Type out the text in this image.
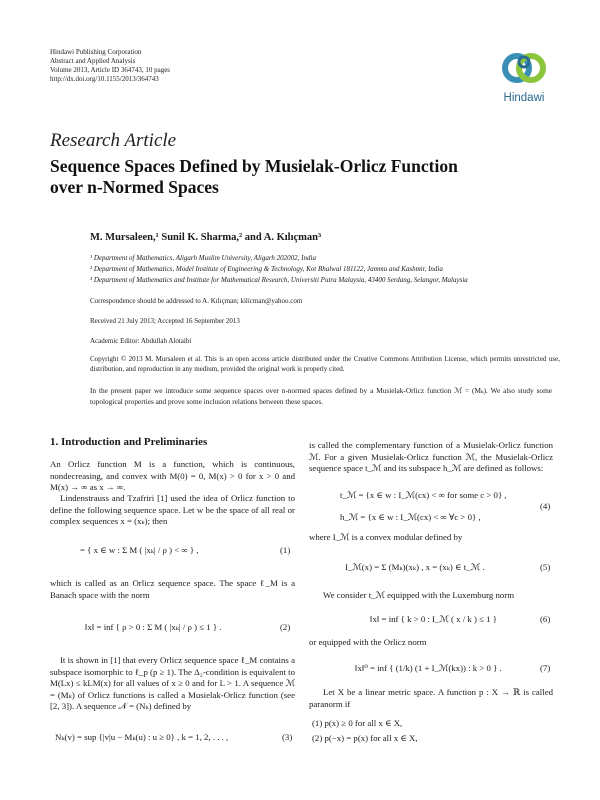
Hindawi Publishing Corporation
Abstract and Applied Analysis
Volume 2013, Article ID 364743, 10 pages
http://dx.doi.org/10.1155/2013/364743
Hindawi
Research Article
Sequence Spaces Defined by Musielak-Orlicz Function
over n-Normed Spaces
M. Mursaleen,¹ Sunil K. Sharma,² and A. Kılıçman³
¹ Department of Mathematics, Aligarh Muslim University, Aligarh 202002, India
² Department of Mathematics, Model Institute of Engineering & Technology, Kot Bhalwal 181122, Jammu and Kashmir, India
³ Department of Mathematics and Institute for Mathematical Research, Universiti Putra Malaysia, 43400 Serdang, Selangor, Malaysia
Correspondence should be addressed to A. Kılıçman; kilicman@yahoo.com
Received 21 July 2013; Accepted 16 September 2013
Academic Editor: Abdullah Alotaibi
Copyright © 2013 M. Mursaleen et al. This is an open access article distributed under the Creative Commons Attribution License, which permits unrestricted use, distribution, and reproduction in any medium, provided the original work is properly cited.
In the present paper we introduce some sequence spaces over n-normed spaces defined by a Musielak-Orlicz function ℳ = (Mₖ). We also study some topological properties and prove some inclusion relations between these spaces.
1. Introduction and Preliminaries
An Orlicz function M is a function, which is continuous, nondecreasing, and convex with M(0) = 0, M(x) > 0 for x > 0 and M(x) → ∞ as x → ∞.
Lindenstrauss and Tzafriri [1] used the idea of Orlicz function to define the following sequence space. Let w be the space of all real or complex sequences x = (xₖ); then
= { x ∈ w : Σ M ( |xₖ| / ρ ) < ∞ } ,	(1)
which is called as an Orlicz sequence space. The space ℓ_M is a Banach space with the norm
‖x‖ = inf { ρ > 0 : Σ M ( |xₖ| / ρ ) ≤ 1 } .	(2)
It is shown in [1] that every Orlicz sequence space ℓ_M contains a subspace isomorphic to ℓ_p (p ≥ 1). The Δ₂-condition is equivalent to M(Lx) ≤ kLM(x) for all values of x ≥ 0 and for L > 1. A sequence ℳ = (Mₖ) of Orlicz functions is called a Musielak-Orlicz function (see [2, 3]). A sequence 𝒩 = (Nₖ) defined by
Nₖ(v) = sup {|v|u − Mₖ(u) : u ≥ 0} , k = 1, 2, . . . ,	(3)
is called the complementary function of a Musielak-Orlicz function ℳ. For a given Musielak-Orlicz function ℳ, the Musielak-Orlicz sequence space t_ℳ and its subspace h_ℳ are defined as follows:
t_ℳ = {x ∈ w : I_ℳ(cx) < ∞ for some c > 0} ,
h_ℳ = {x ∈ w : I_ℳ(cx) < ∞ ∀c > 0} ,
(4)
where I_ℳ is a convex modular defined by
I_ℳ(x) = Σ (Mₖ)(xₖ) , x = (xₖ) ∈ t_ℳ .	(5)
We consider t_ℳ equipped with the Luxemburg norm
‖x‖ = inf { k > 0 : I_ℳ ( x / k ) ≤ 1 }	(6)
or equipped with the Orlicz norm
‖x‖⁰ = inf { (1/k) (1 + I_ℳ(kx)) : k > 0 } .	(7)
Let X be a linear metric space. A function p : X → ℝ is called paranorm if
(1) p(x) ≥ 0 for all x ∈ X,
(2) p(−x) = p(x) for all x ∈ X,
